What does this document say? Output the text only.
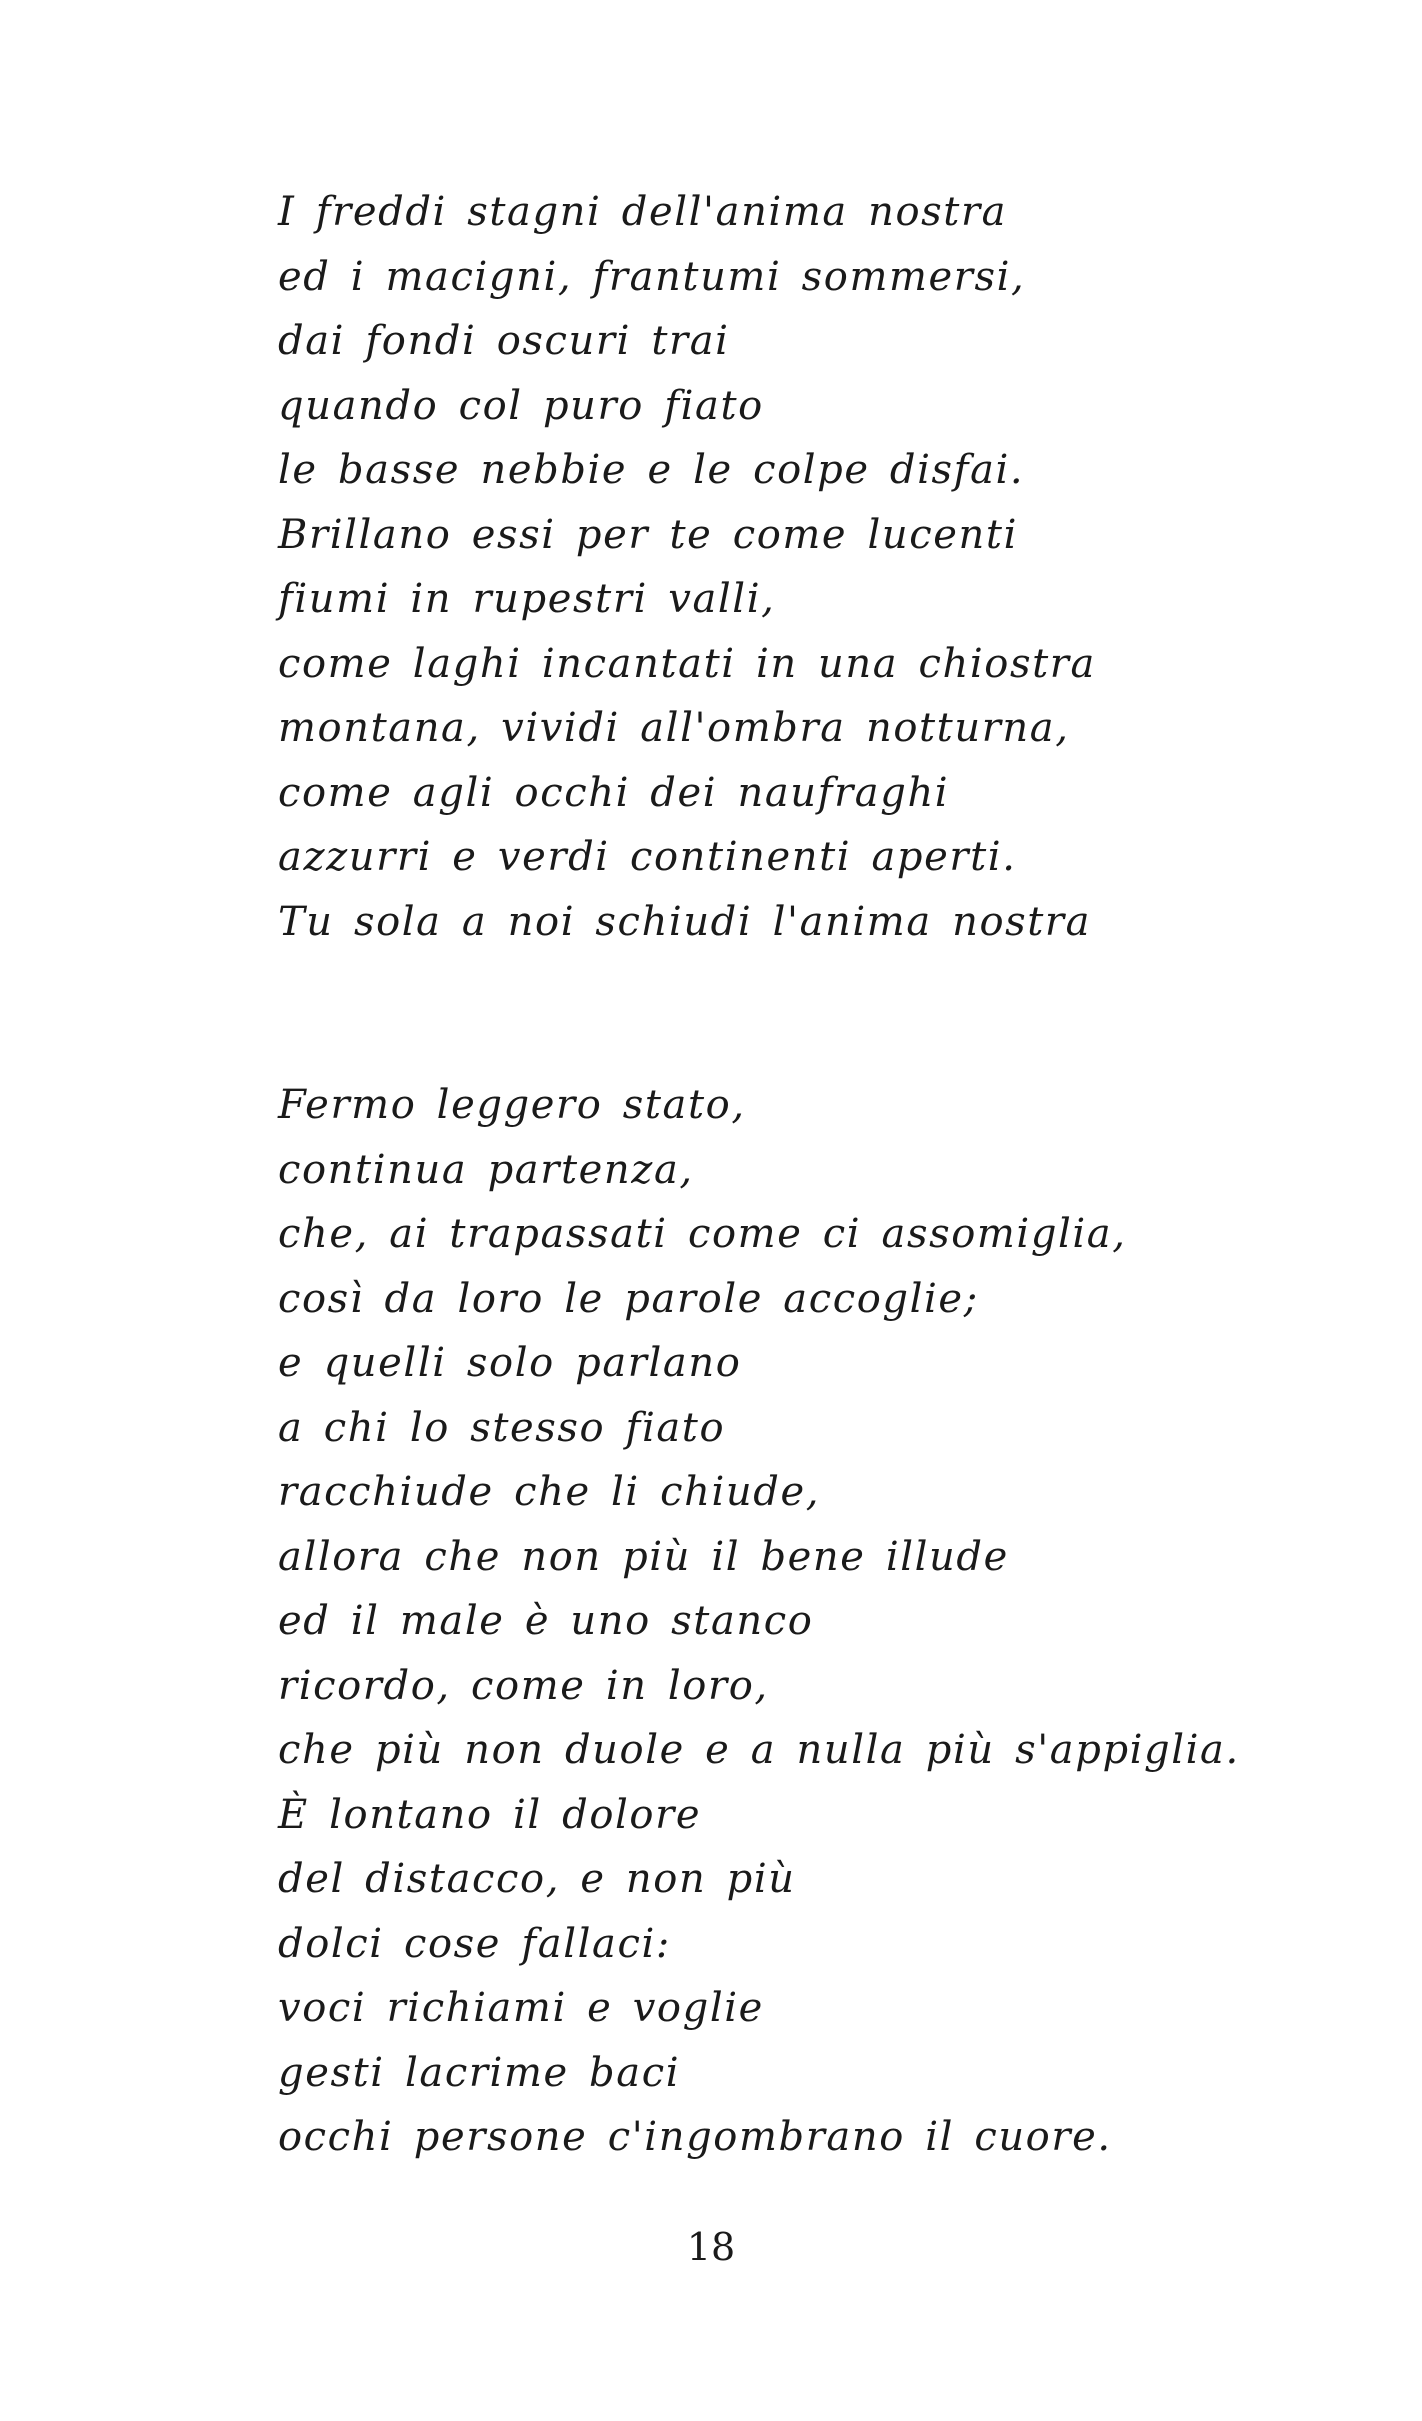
I freddi stagni dell'anima nostra
ed i macigni, frantumi sommersi,
dai fondi oscuri trai
quando col puro fiato
le basse nebbie e le colpe disfai.
Brillano essi per te come lucenti
fiumi in rupestri valli,
come laghi incantati in una chiostra
montana, vividi all'ombra notturna,
come agli occhi dei naufraghi
azzurri e verdi continenti aperti.
Tu sola a noi schiudi l'anima nostra
Fermo leggero stato,
continua partenza,
che, ai trapassati come ci assomiglia,
così da loro le parole accoglie;
e quelli solo parlano
a chi lo stesso fiato
racchiude che li chiude,
allora che non più il bene illude
ed il male è uno stanco
ricordo, come in loro,
che più non duole e a nulla più s'appiglia.
È lontano il dolore
del distacco, e non più
dolci cose fallaci:
voci richiami e voglie
gesti lacrime baci
occhi persone c'ingombrano il cuore.
18
